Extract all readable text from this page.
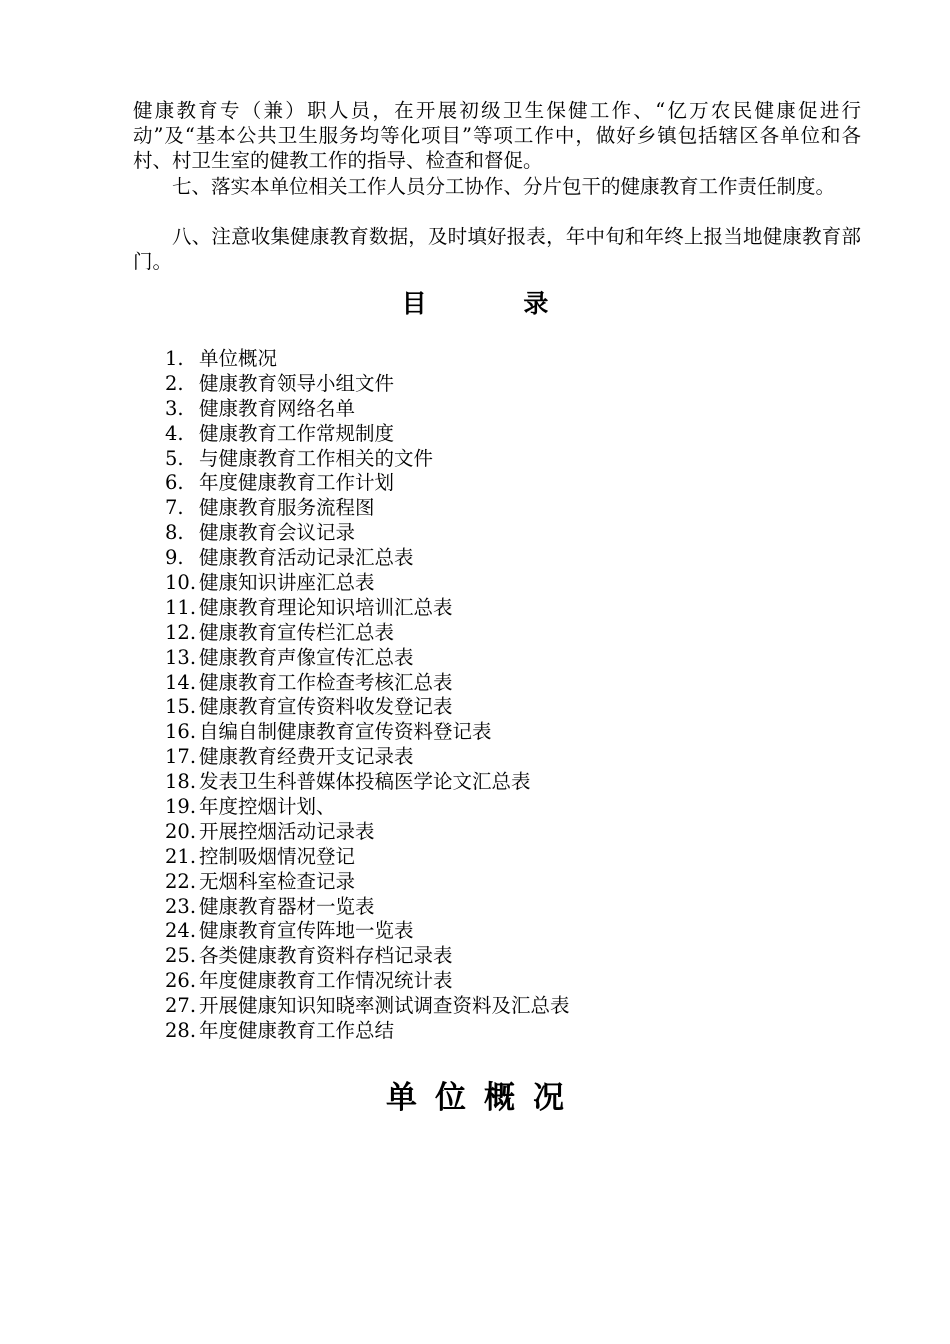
健康教育专（兼）职人员，在开展初级卫生保健工作、“亿万农民健康促进行动”及“基本公共卫生服务均等化项目”等项工作中，做好乡镇包括辖区各单位和各村、村卫生室的健教工作的指导、检查和督促。

七、落实本单位相关工作人员分工协作、分片包干的健康教育工作责任制度。

八、注意收集健康教育数据，及时填好报表，年中旬和年终上报当地健康教育部门。

目 录
1. 单位概况
2. 健康教育领导小组文件
3. 健康教育网络名单
4. 健康教育工作常规制度
5. 与健康教育工作相关的文件
6. 年度健康教育工作计划
7. 健康教育服务流程图
8. 健康教育会议记录
9. 健康教育活动记录汇总表
10. 健康知识讲座汇总表
11. 健康教育理论知识培训汇总表
12. 健康教育宣传栏汇总表
13. 健康教育声像宣传汇总表
14. 健康教育工作检查考核汇总表
15. 健康教育宣传资料收发登记表
16. 自编自制健康教育宣传资料登记表
17. 健康教育经费开支记录表
18. 发表卫生科普媒体投稿医学论文汇总表
19. 年度控烟计划、
20. 开展控烟活动记录表
21. 控制吸烟情况登记
22. 无烟科室检查记录
23. 健康教育器材一览表
24. 健康教育宣传阵地一览表
25. 各类健康教育资料存档记录表
26. 年度健康教育工作情况统计表
27. 开展健康知识知晓率测试调查资料及汇总表
28. 年度健康教育工作总结
单位概况
